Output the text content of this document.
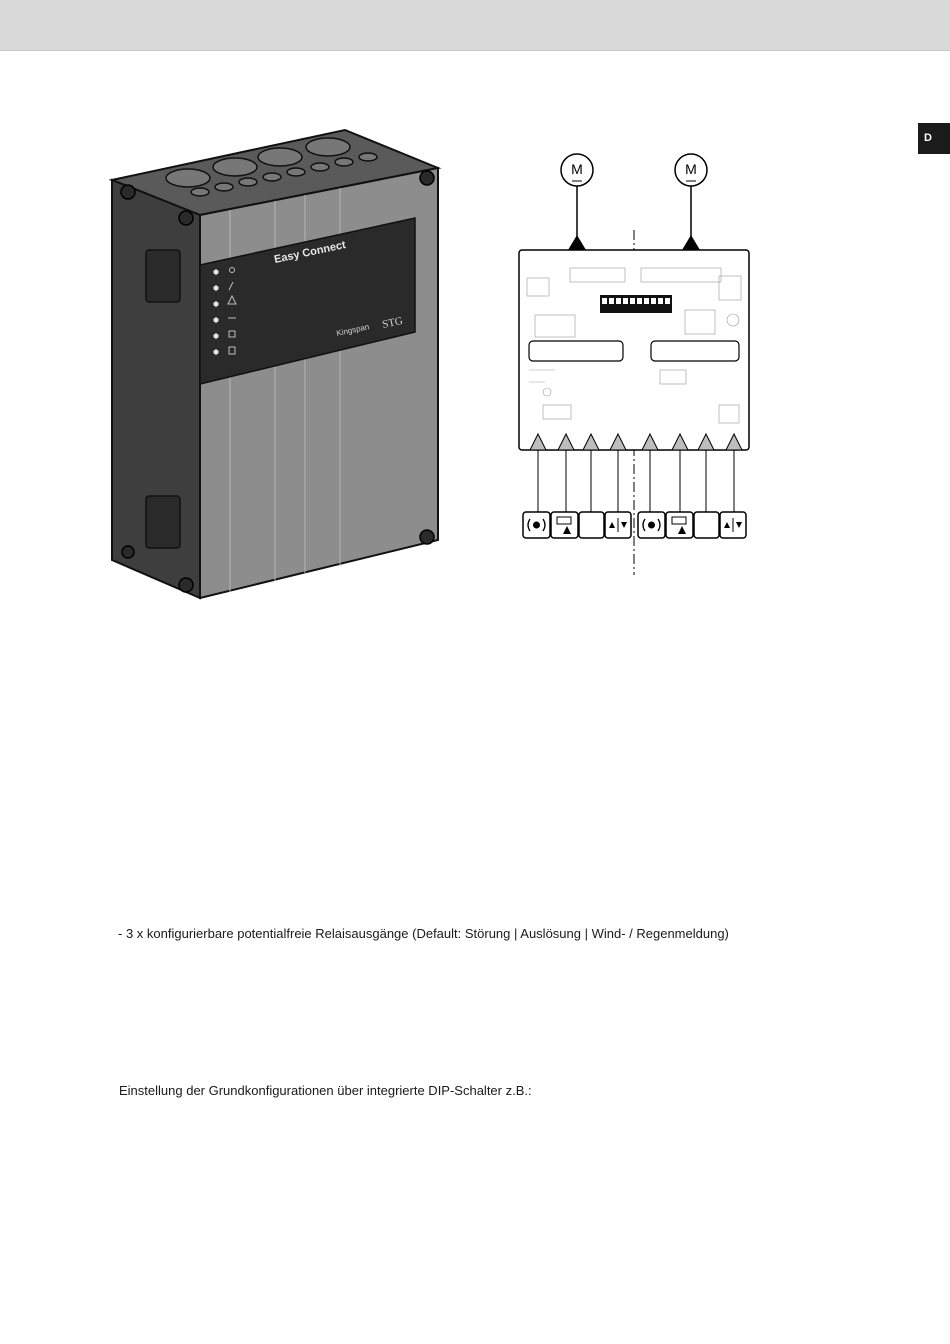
D
Easy Connect
Kingspan STG
M	M
- 3 x konfigurierbare potentialfreie Relaisausgänge (Default: Störung | Auslösung | Wind- / Regenmeldung)
Einstellung der Grundkonfigurationen über integrierte DIP-Schalter z.B.:
